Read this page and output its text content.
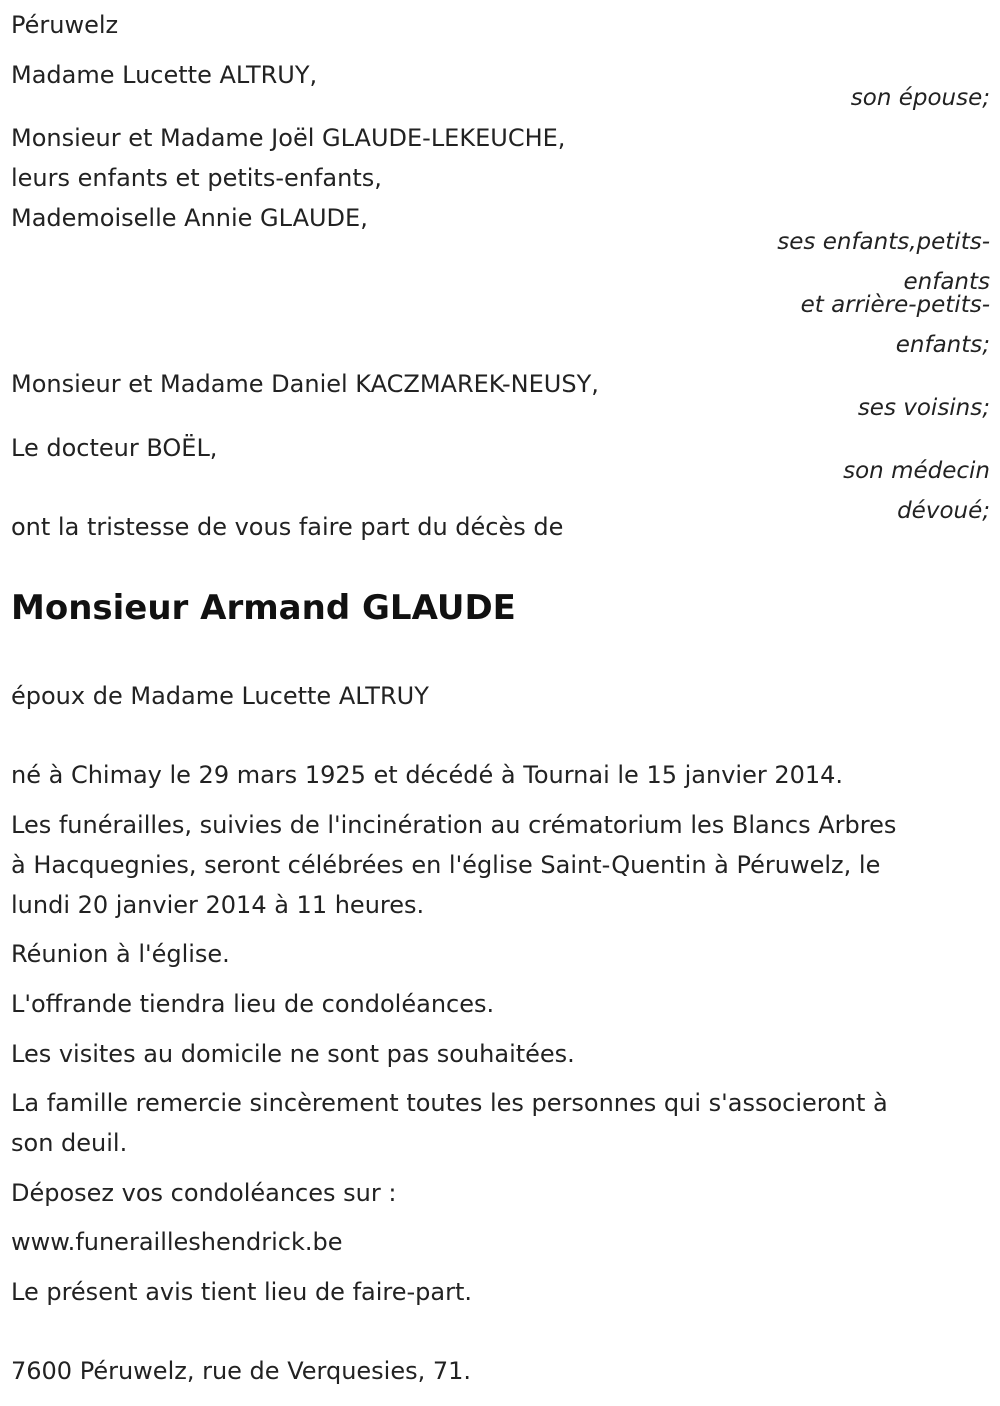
Péruwelz

Madame Lucette ALTRUY,

son épouse;

Monsieur et Madame Joël GLAUDE-LEKEUCHE,

leurs enfants et petits-enfants,

Mademoiselle Annie GLAUDE,

ses enfants,petits-

enfants

et arrière-petits-

enfants;

Monsieur et Madame Daniel KACZMAREK-NEUSY,

ses voisins;

Le docteur BOËL,

son médecin

dévoué;

ont la tristesse de vous faire part du décès de

Monsieur Armand GLAUDE

époux de Madame Lucette ALTRUY

né à Chimay le 29 mars 1925 et décédé à Tournai le 15 janvier 2014.

Les funérailles, suivies de l'incinération au crématorium les Blancs Arbres

à Hacquegnies, seront célébrées en l'église Saint-Quentin à Péruwelz, le

lundi 20 janvier 2014 à 11 heures.

Réunion à l'église.

L'offrande tiendra lieu de condoléances.

Les visites au domicile ne sont pas souhaitées.

La famille remercie sincèrement toutes les personnes qui s'associeront à

son deuil.

Déposez vos condoléances sur :

www.funerailleshendrick.be

Le présent avis tient lieu de faire-part.

7600 Péruwelz, rue de Verquesies, 71.
